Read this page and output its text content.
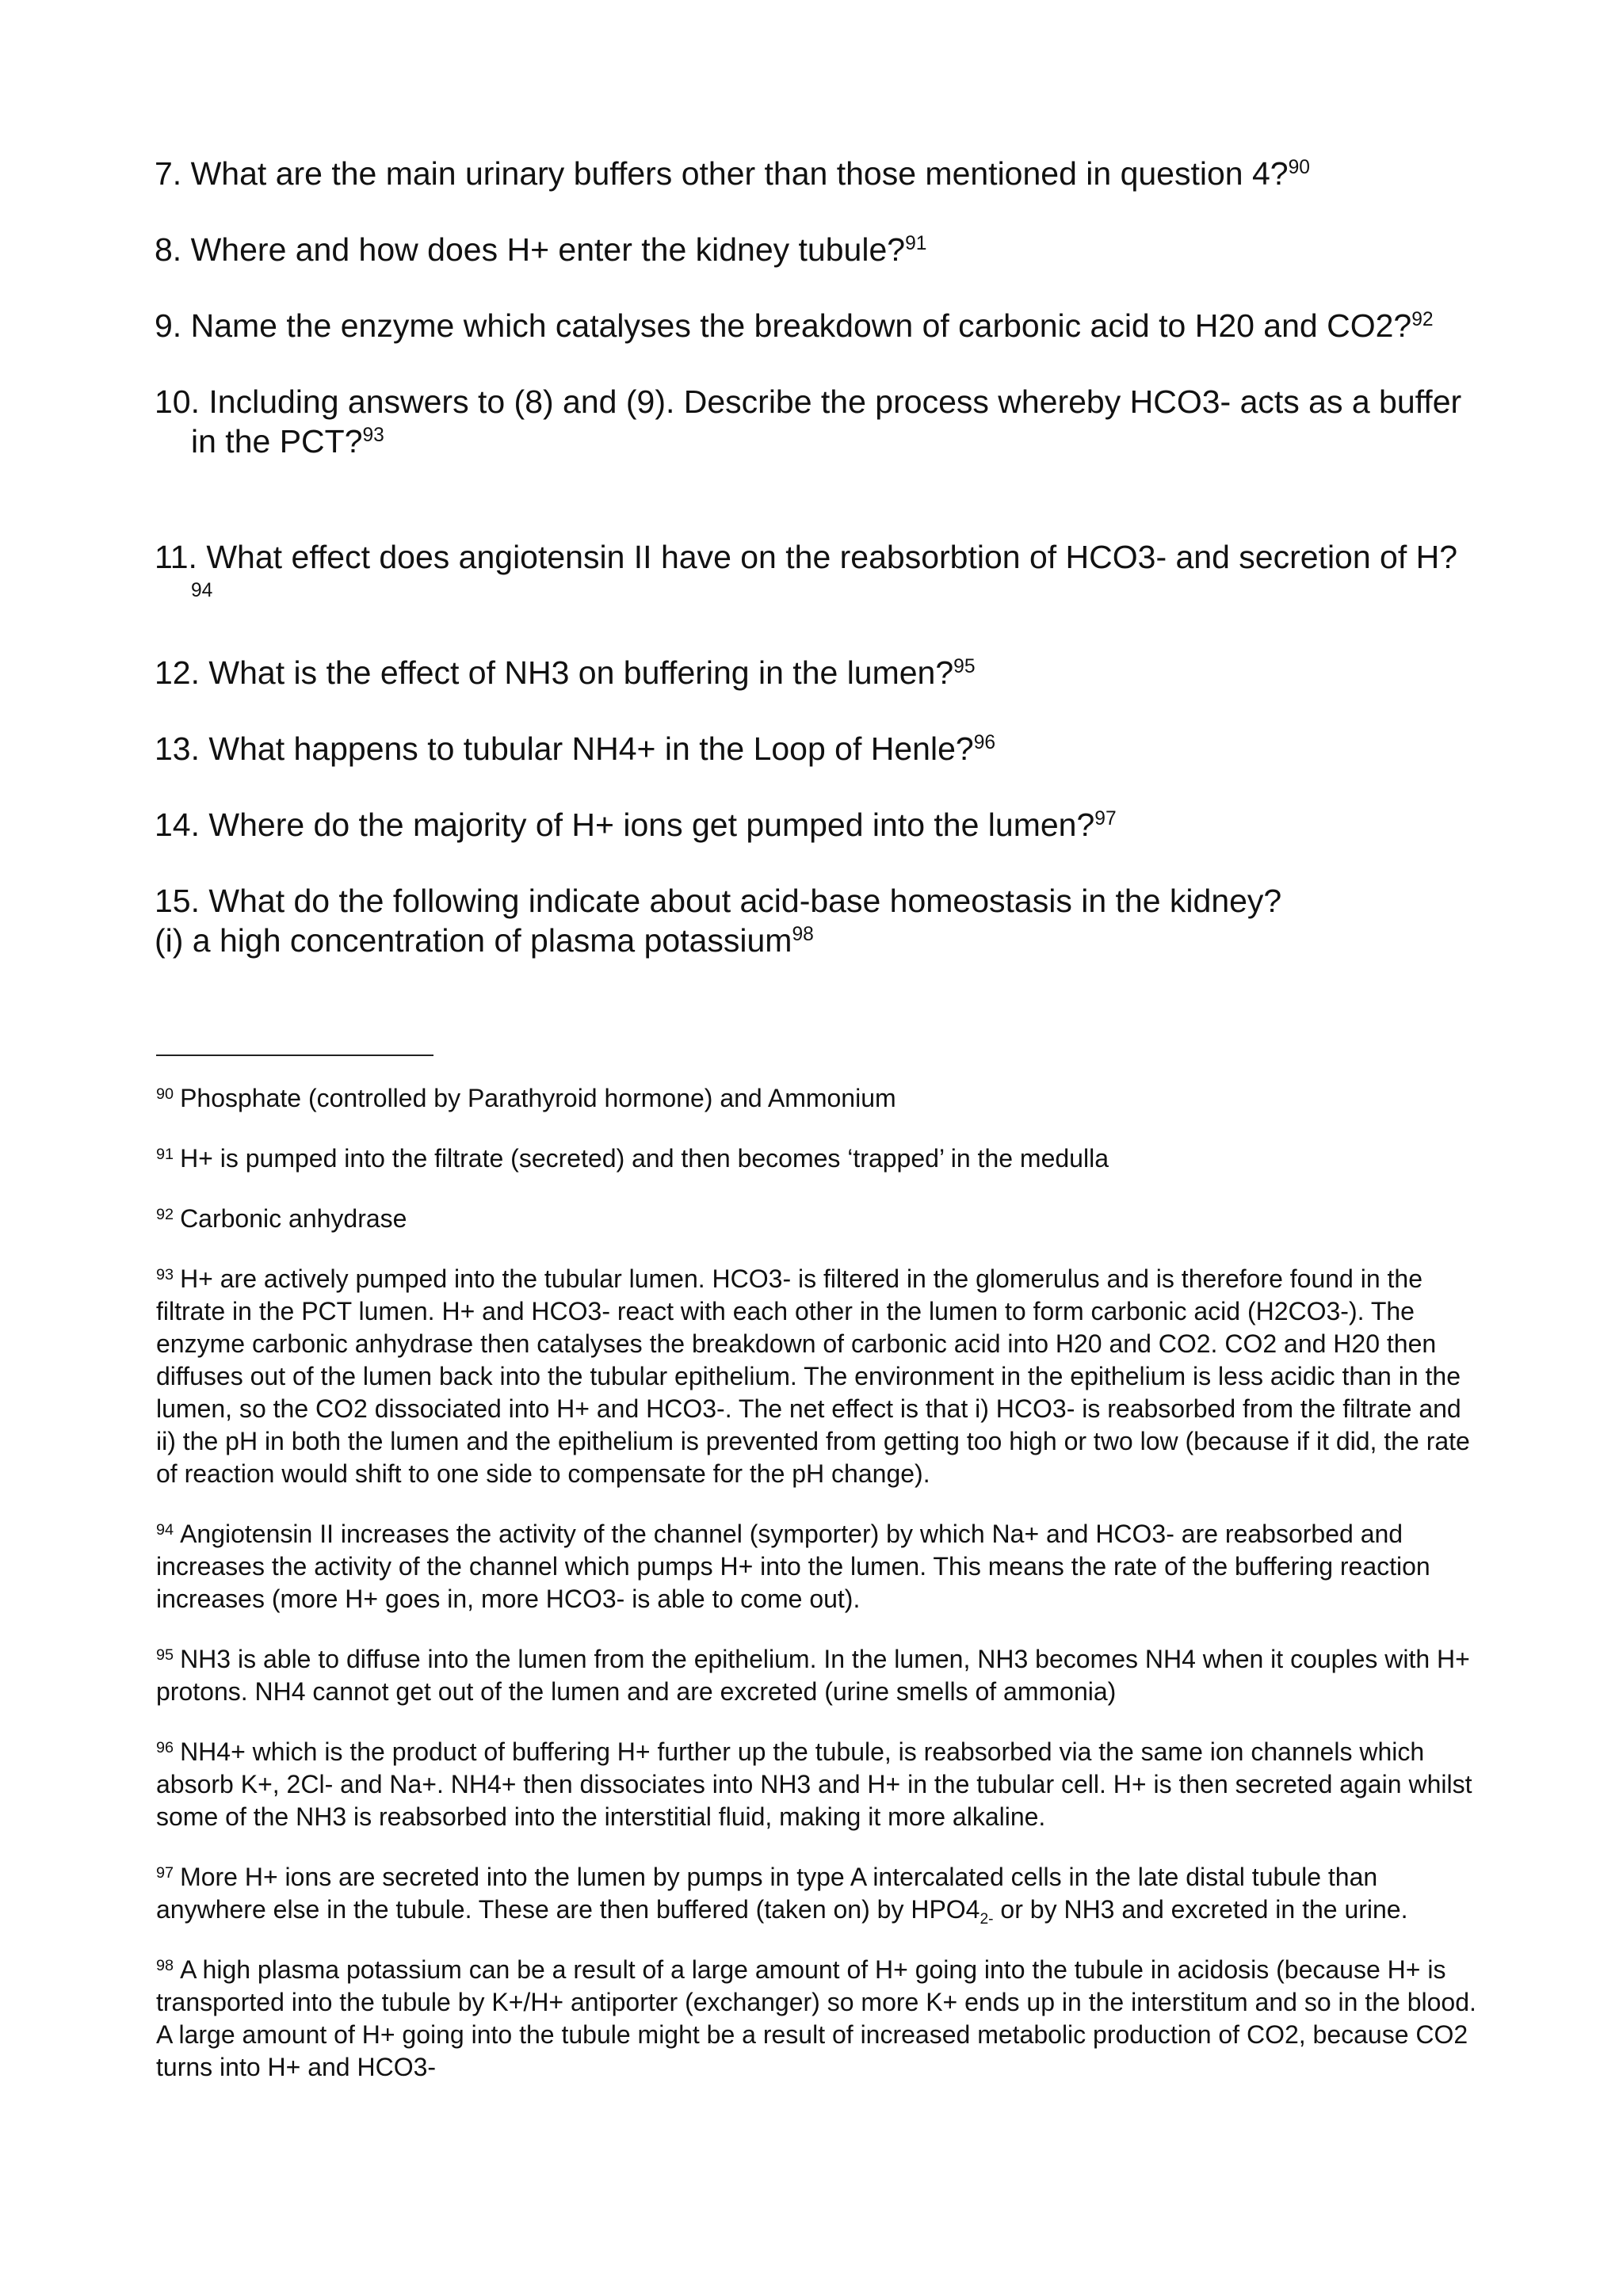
7. What are the main urinary buffers other than those mentioned in question 4?$^{90}$

8. Where and how does H+ enter the kidney tubule?$^{91}$

9. Name the enzyme which catalyses the breakdown of carbonic acid to H20 and CO2?$^{92}$

10. Including answers to (8) and (9). Describe the process whereby HCO3- acts as a buffer in the PCT?$^{93}$

11. What effect does angiotensin II have on the reabsorbtion of HCO3- and secretion of H?$^{94}$

12. What is the effect of NH3 on buffering in the lumen?$^{95}$

13. What happens to tubular NH4+ in the Loop of Henle?$^{96}$

14. Where do the majority of H+ ions get pumped into the lumen?$^{97}$

15. What do the following indicate about acid-base homeostasis in the kidney?
(i) a high concentration of plasma potassium$^{98}$

$^{90}$ Phosphate (controlled by Parathyroid hormone) and Ammonium

$^{91}$ H+ is pumped into the filtrate (secreted) and then becomes ‘trapped’ in the medulla

$^{92}$ Carbonic anhydrase

$^{93}$ H+ are actively pumped into the tubular lumen. HCO3- is filtered in the glomerulus and is therefore found in the filtrate in the PCT lumen. H+ and HCO3- react with each other in the lumen to form carbonic acid (H2CO3-). The enzyme carbonic anhydrase then catalyses the breakdown of carbonic acid into H20 and CO2. CO2 and H20 then diffuses out of the lumen back into the tubular epithelium. The environment in the epithelium is less acidic than in the lumen, so the CO2 dissociated into H+ and HCO3-. The net effect is that i) HCO3- is reabsorbed from the filtrate and ii) the pH in both the lumen and the epithelium is prevented from getting too high or two low (because if it did, the rate of reaction would shift to one side to compensate for the pH change).

$^{94}$ Angiotensin II increases the activity of the channel (symporter) by which Na+ and HCO3- are reabsorbed and increases the activity of the channel which pumps H+ into the lumen. This means the rate of the buffering reaction increases (more H+ goes in, more HCO3- is able to come out).

$^{95}$ NH3 is able to diffuse into the lumen from the epithelium. In the lumen, NH3 becomes NH4 when it couples with H+ protons. NH4 cannot get out of the lumen and are excreted (urine smells of ammonia)

$^{96}$ NH4+ which is the product of buffering H+ further up the tubule, is reabsorbed via the same ion channels which absorb K+, 2Cl- and Na+. NH4+ then dissociates into NH3 and H+ in the tubular cell. H+ is then secreted again whilst some of the NH3 is reabsorbed into the interstitial fluid, making it more alkaline.

$^{97}$ More H+ ions are secreted into the lumen by pumps in type A intercalated cells in the late distal tubule than anywhere else in the tubule. These are then buffered (taken on) by $HPO4_{2-}$ or by NH3 and excreted in the urine.

$^{98}$ A high plasma potassium can be a result of a large amount of H+ going into the tubule in acidosis (because H+ is transported into the tubule by K+/H+ antiporter (exchanger) so more K+ ends up in the interstitum and so in the blood. A large amount of H+ going into the tubule might be a result of increased metabolic production of CO2, because CO2 turns into H+ and HCO3-
